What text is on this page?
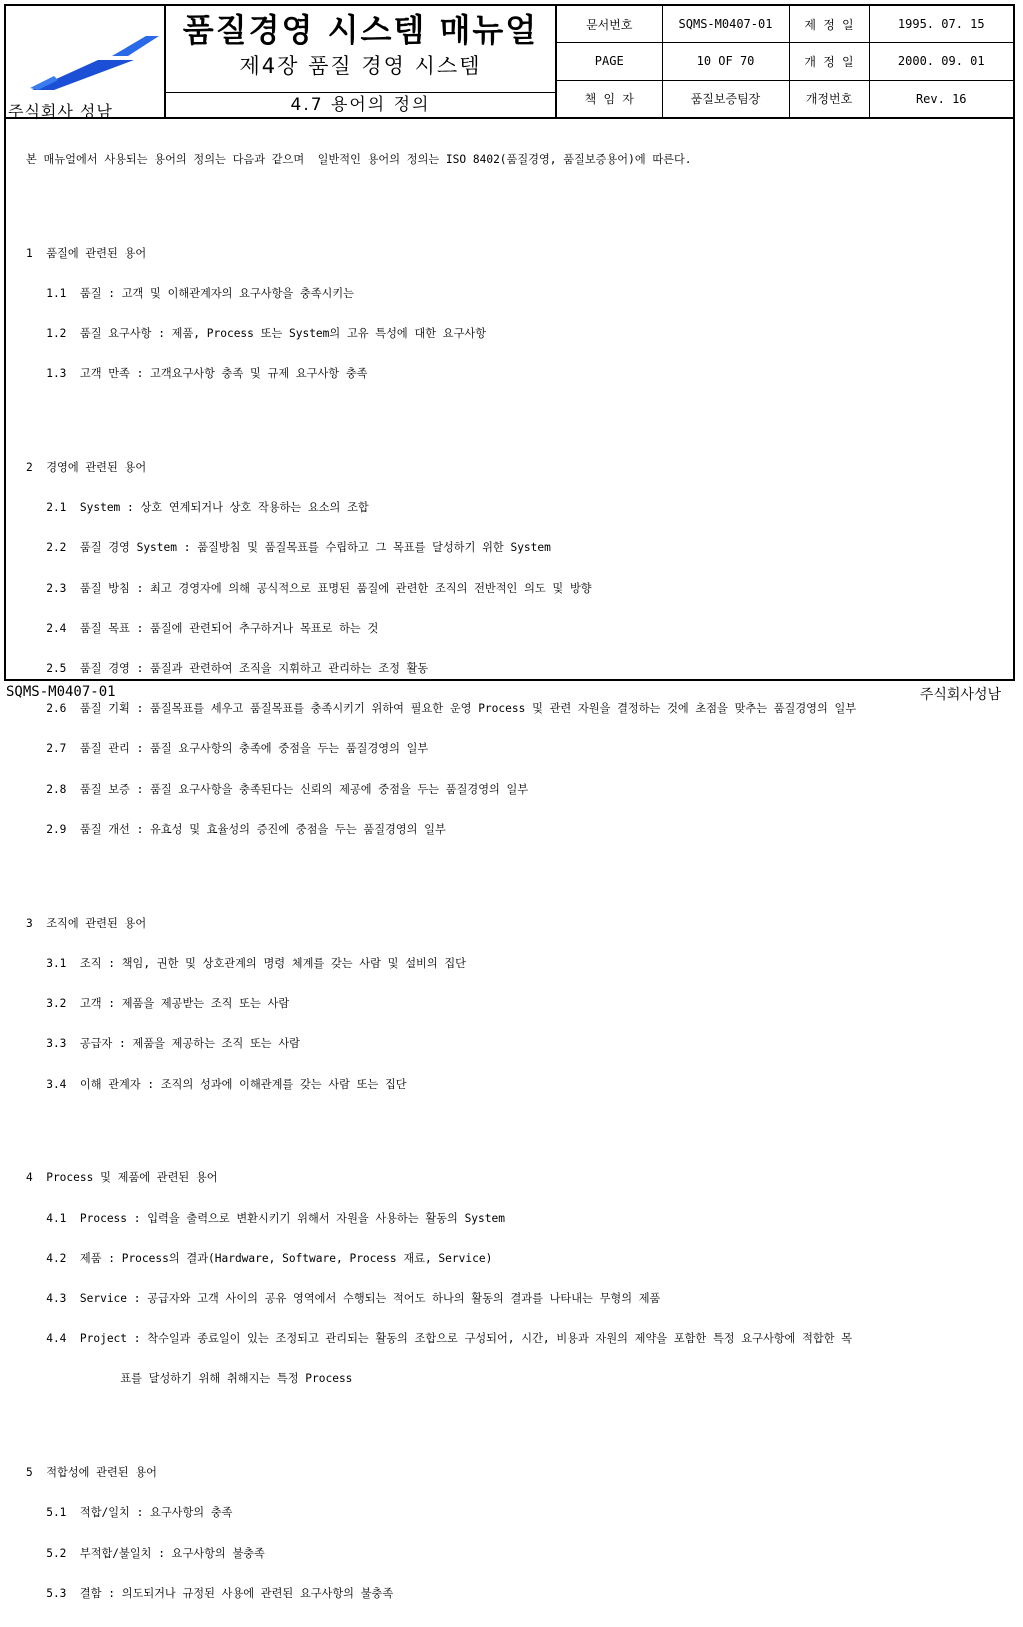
주식회사 성남
품질경영 시스템 매뉴얼
제4장 품질 경영 시스템
4.7 용어의 정의
문서번호	SQMS-M0407-01	제 정 일	1995. 07. 15
PAGE	10 OF 70	개 정 일	2000. 09. 01
책 임 자	품질보증팀장	개정번호	Rev. 16

본 매뉴얼에서 사용되는 용어의 정의는 다음과 같으며  일반적인 용어의 정의는 ISO 8402(품질경영, 품질보증용어)에 따른다.

1  품질에 관련된 용어

1.1  품질 : 고객 및 이해관계자의 요구사항을 충족시키는

1.2  품질 요구사항 : 제품, Process 또는 System의 고유 특성에 대한 요구사항

1.3  고객 만족 : 고객요구사항 충족 및 규제 요구사항 충족

2  경영에 관련된 용어

2.1  System : 상호 연계되거나 상호 작용하는 요소의 조합

2.2  품질 경영 System : 품질방침 및 품질목표를 수립하고 그 목표를 달성하기 위한 System

2.3  품질 방침 : 최고 경영자에 의해 공식적으로 표명된 품질에 관련한 조직의 전반적인 의도 및 방향

2.4  품질 목표 : 품질에 관련되어 추구하거나 목표로 하는 것

2.5  품질 경영 : 품질과 관련하여 조직을 지휘하고 관리하는 조정 활동

2.6  품질 기획 : 품질목표를 세우고 품질목표를 충족시키기 위하여 필요한 운영 Process 및 관련 자원을 결정하는 것에 초점을 맞추는 품질경영의 일부

2.7  품질 관리 : 품질 요구사항의 충족에 중점을 두는 품질경영의 일부

2.8  품질 보증 : 품질 요구사항을 충족된다는 신뢰의 제공에 중점을 두는 품질경영의 일부

2.9  품질 개선 : 유효성 및 효율성의 증진에 중점을 두는 품질경영의 일부

3  조직에 관련된 용어

3.1  조직 : 책임, 권한 및 상호관계의 명령 체계를 갖는 사람 및 설비의 집단

3.2  고객 : 제품을 제공받는 조직 또는 사람

3.3  공급자 : 제품을 제공하는 조직 또는 사람

3.4  이해 관계자 : 조직의 성과에 이해관계를 갖는 사람 또는 집단

4  Process 및 제품에 관련된 용어

4.1  Process : 입력을 출력으로 변환시키기 위해서 자원을 사용하는 활동의 System

4.2  제품 : Process의 결과(Hardware, Software, Process 재료, Service)

4.3  Service : 공급자와 고객 사이의 공유 영역에서 수행되는 적어도 하나의 활동의 결과를 나타내는 무형의 제품

4.4  Project : 착수일과 종료일이 있는 조정되고 관리되는 활동의 조합으로 구성되어, 시간, 비용과 자원의 제약을 포함한 특정 요구사항에 적합한 목

표를 달성하기 위해 취해지는 특정 Process

5  적합성에 관련된 용어

5.1  적합/일치 : 요구사항의 충족

5.2  부적합/불일치 : 요구사항의 불충족

5.3  결함 : 의도되거나 규정된 사용에 관련된 요구사항의 불충족

SQMS-M0407-01	주식회사성남
